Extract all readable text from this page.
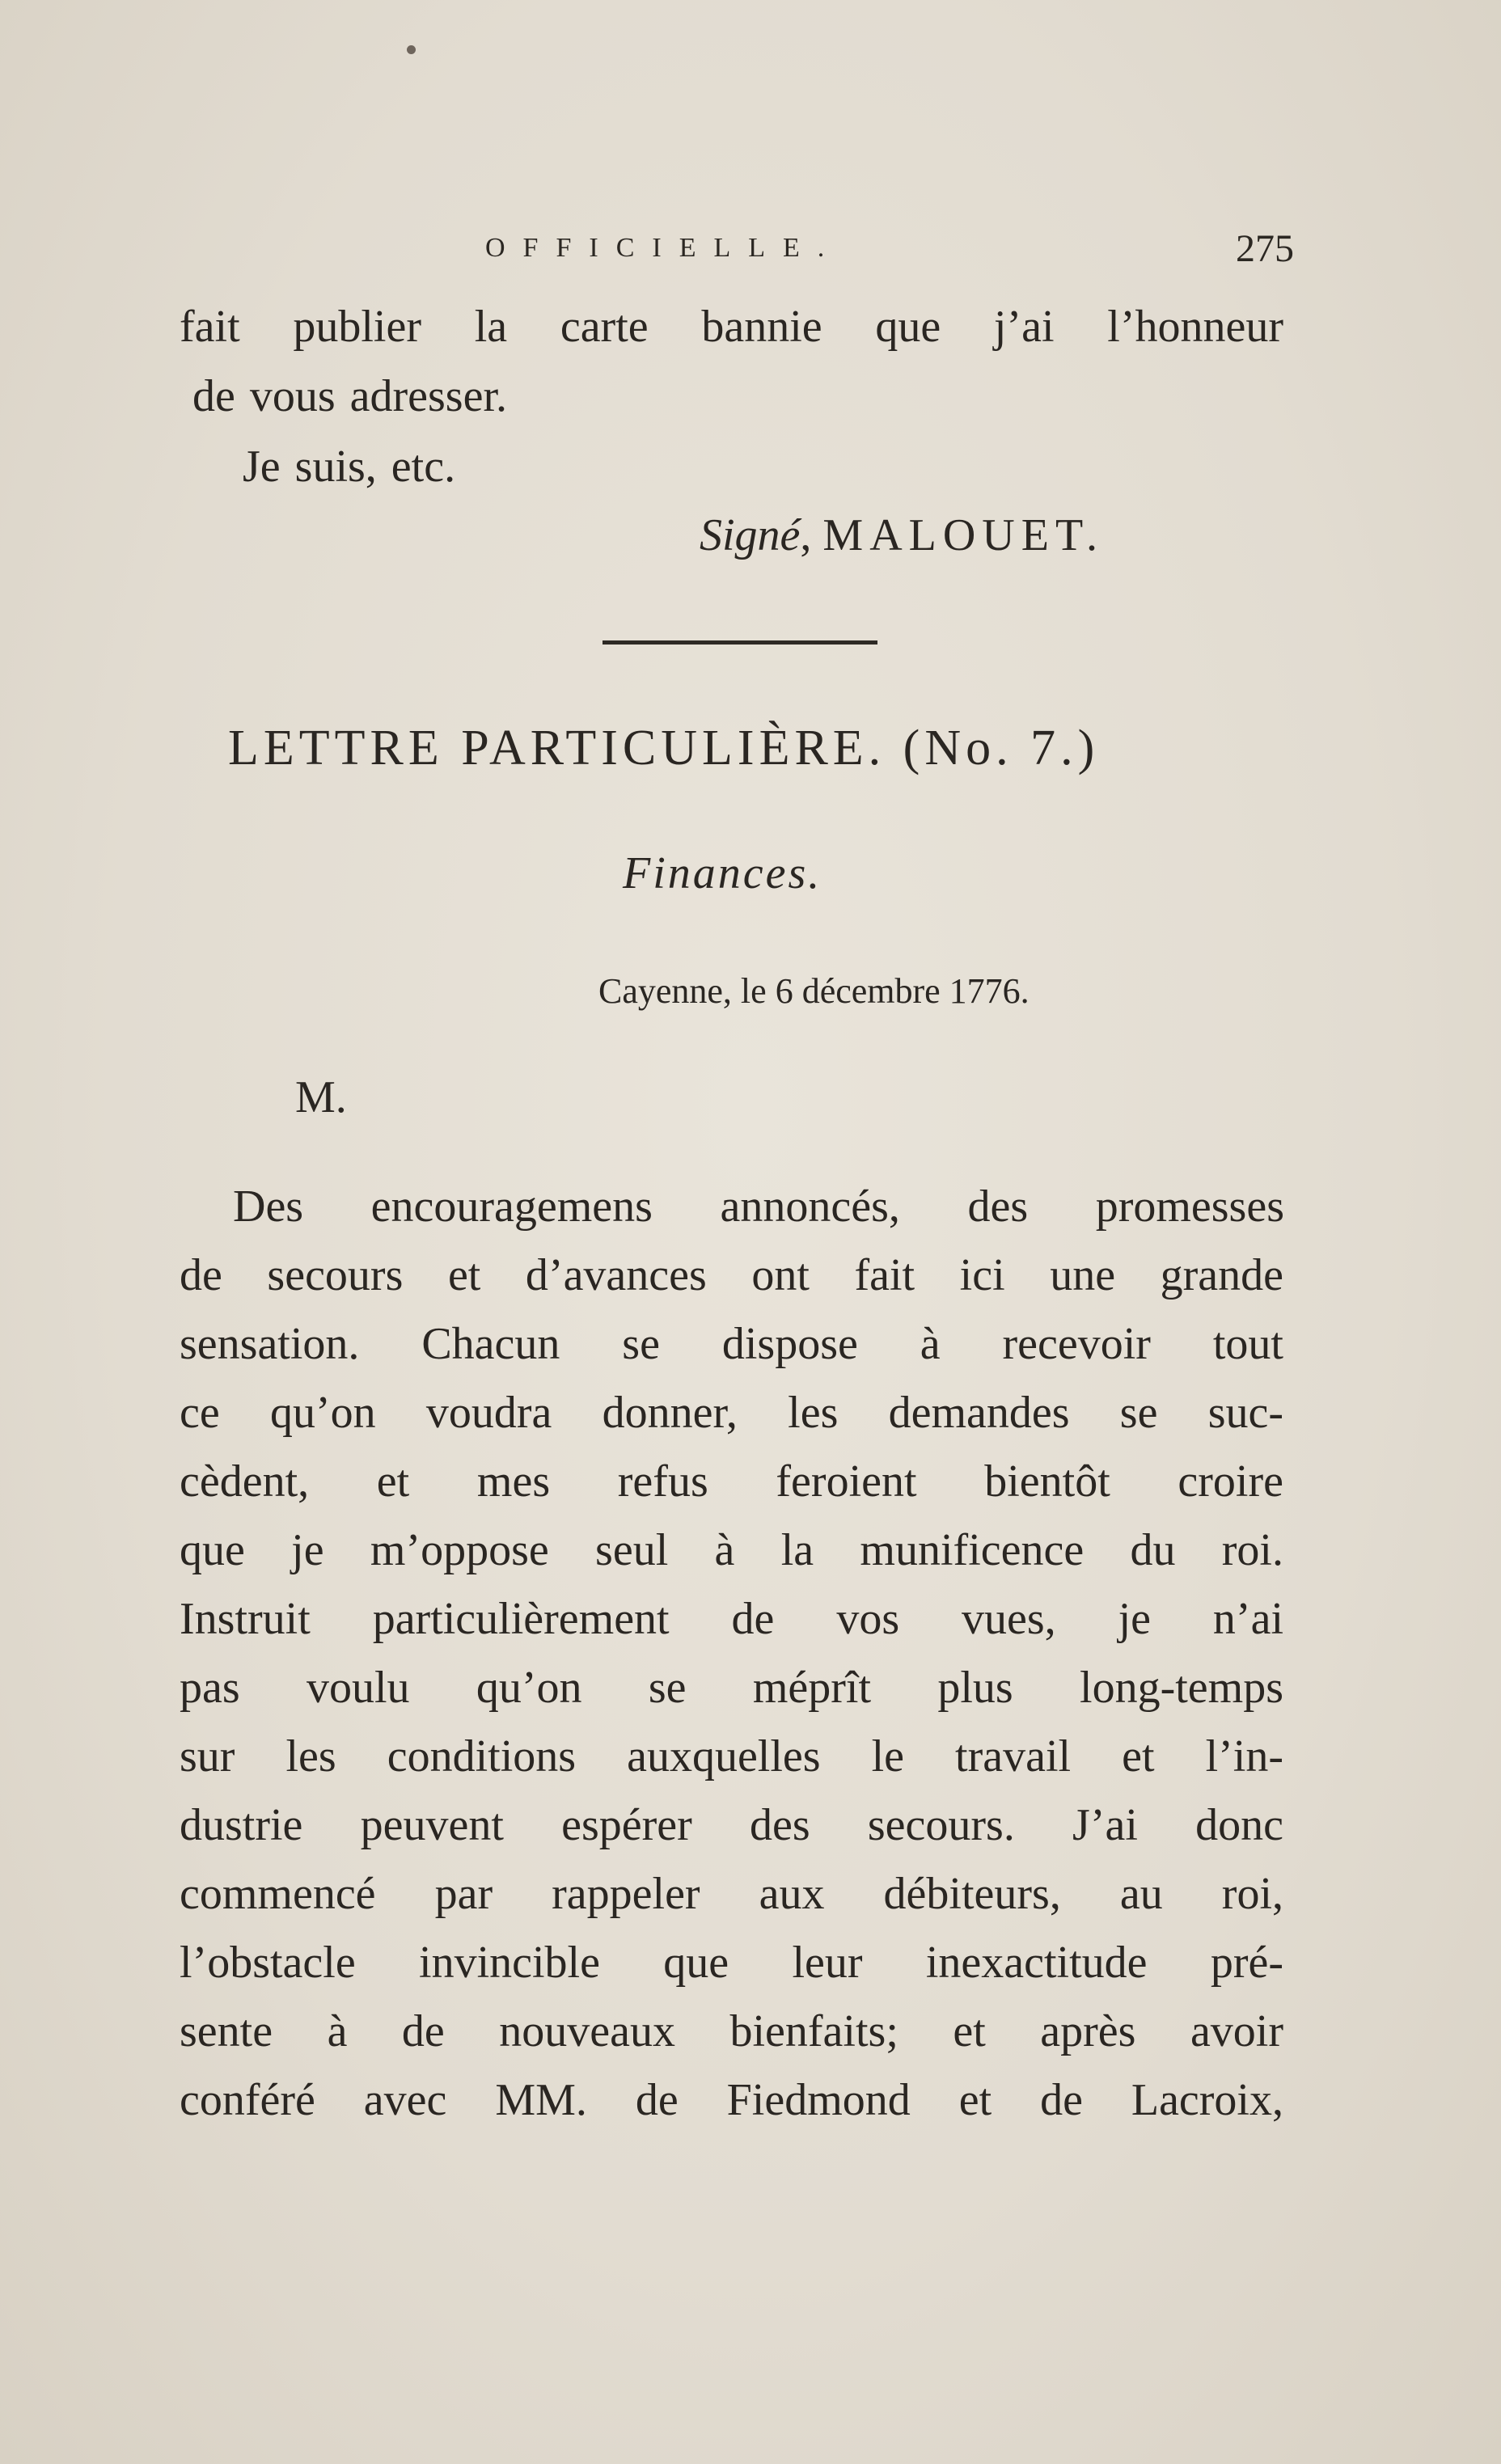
OFFICIELLE.	275
fait publier la carte bannie que j’ai l’honneur
de vous adresser.
Je suis, etc.
Signé, MALOUET.
LETTRE PARTICULIÈRE. (No. 7.)
Finances.
Cayenne, le 6 décembre 1776.
M.
Des encouragemens annoncés, des promesses
de secours et d’avances ont fait ici une grande
sensation. Chacun se dispose à recevoir tout
ce qu’on voudra donner, les demandes se suc-
cèdent, et mes refus feroient bientôt croire
que je m’oppose seul à la munificence du roi.
Instruit particulièrement de vos vues, je n’ai
pas voulu qu’on se méprît plus long-temps
sur les conditions auxquelles le travail et l’in-
dustrie peuvent espérer des secours. J’ai donc
commencé par rappeler aux débiteurs, au roi,
l’obstacle invincible que leur inexactitude pré-
sente à de nouveaux bienfaits; et après avoir
conféré avec MM. de Fiedmond et de Lacroix,
